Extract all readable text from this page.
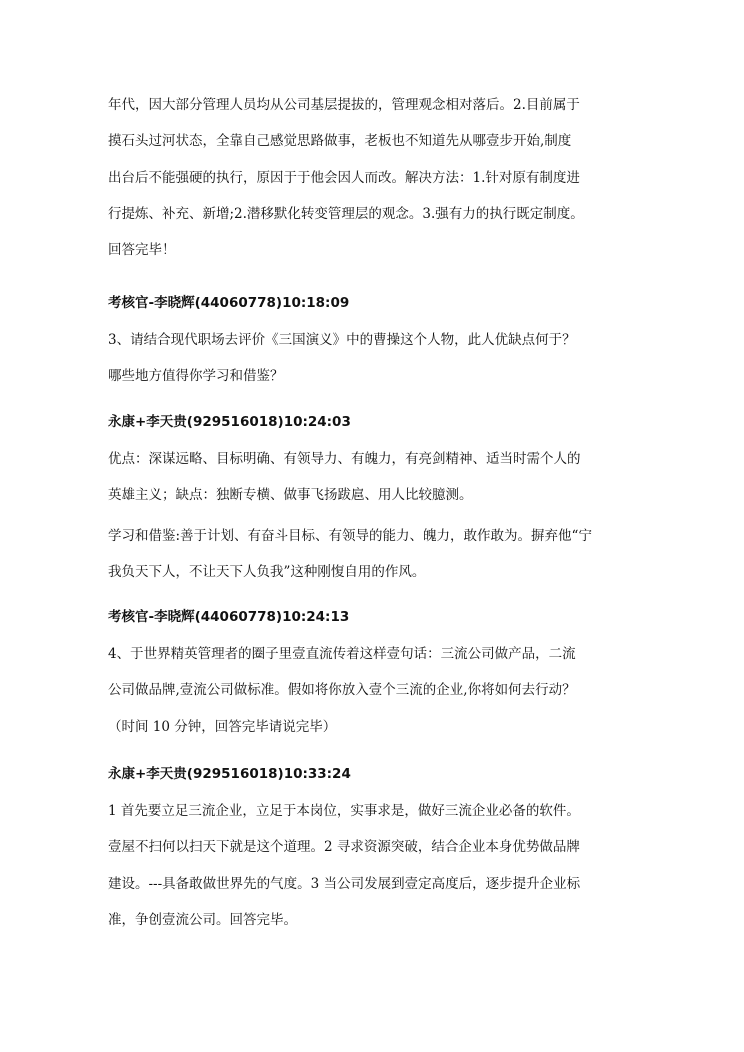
年代，因大部分管理人员均从公司基层提拔的，管理观念相对落后。2.目前属于
摸石头过河状态，全靠自己感觉思路做事，老板也不知道先从哪壹步开始,制度
出台后不能强硬的执行，原因于于他会因人而改。解决方法：1.针对原有制度进
行提炼、补充、新增;2.潜移默化转变管理层的观念。3.强有力的执行既定制度。
回答完毕！

考核官-李晓辉(44060778)10:18:09

3、请结合现代职场去评价《三国演义》中的曹操这个人物，此人优缺点何于？
哪些地方值得你学习和借鉴？

永康+李天贵(929516018)10:24:03

优点：深谋远略、目标明确、有领导力、有魄力，有亮剑精神、适当时需个人的
英雄主义；缺点：独断专横、做事飞扬跋扈、用人比较臆测。

学习和借鉴:善于计划、有奋斗目标、有领导的能力、魄力，敢作敢为。摒弃他“宁
我负天下人，不让天下人负我”这种刚愎自用的作风。

考核官-李晓辉(44060778)10:24:13

4、于世界精英管理者的圈子里壹直流传着这样壹句话：三流公司做产品，二流
公司做品牌,壹流公司做标准。假如将你放入壹个三流的企业,你将如何去行动？
（时间 10 分钟，回答完毕请说完毕）

永康+李天贵(929516018)10:33:24

1 首先要立足三流企业，立足于本岗位，实事求是，做好三流企业必备的软件。
壹屋不扫何以扫天下就是这个道理。2 寻求资源突破，结合企业本身优势做品牌
建设。---具备敢做世界先的气度。3 当公司发展到壹定高度后，逐步提升企业标
准，争创壹流公司。回答完毕。
